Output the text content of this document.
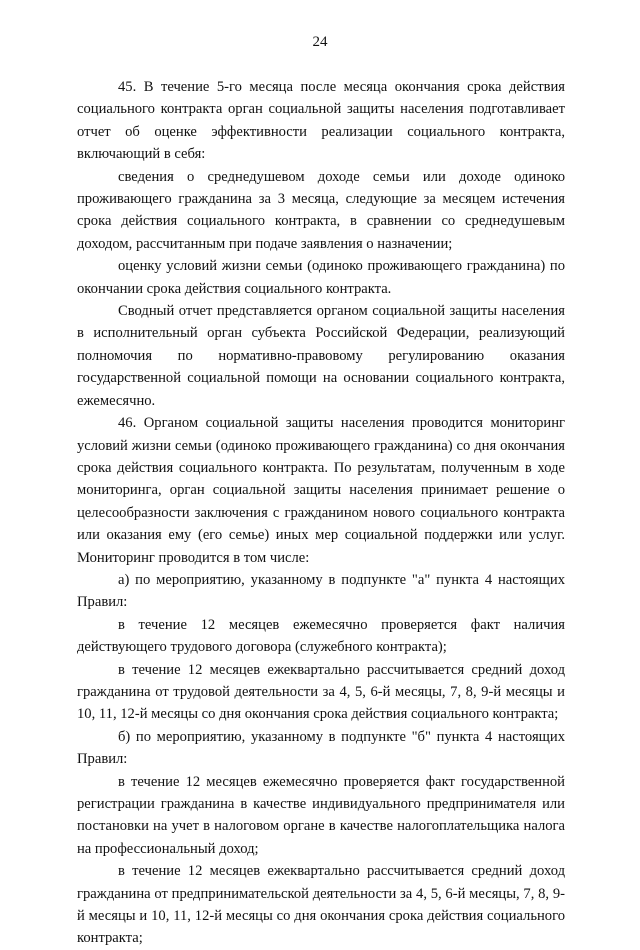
24

45. В течение 5-го месяца после месяца окончания срока действия социального контракта орган социальной защиты населения подготавливает отчет об оценке эффективности реализации социального контракта, включающий в себя:

сведения о среднедушевом доходе семьи или доходе одиноко проживающего гражданина за 3 месяца, следующие за месяцем истечения срока действия социального контракта, в сравнении со среднедушевым доходом, рассчитанным при подаче заявления о назначении;

оценку условий жизни семьи (одиноко проживающего гражданина) по окончании срока действия социального контракта.

Сводный отчет представляется органом социальной защиты населения в исполнительный орган субъекта Российской Федерации, реализующий полномочия по нормативно-правовому регулированию оказания государственной социальной помощи на основании социального контракта, ежемесячно.

46. Органом социальной защиты населения проводится мониторинг условий жизни семьи (одиноко проживающего гражданина) со дня окончания срока действия социального контракта. По результатам, полученным в ходе мониторинга, орган социальной защиты населения принимает решение о целесообразности заключения с гражданином нового социального контракта или оказания ему (его семье) иных мер социальной поддержки или услуг. Мониторинг проводится в том числе:

а) по мероприятию, указанному в подпункте "а" пункта 4 настоящих Правил:

в течение 12 месяцев ежемесячно проверяется факт наличия действующего трудового договора (служебного контракта);

в течение 12 месяцев ежеквартально рассчитывается средний доход гражданина от трудовой деятельности за 4, 5, 6-й месяцы, 7, 8, 9-й месяцы и 10, 11, 12-й месяцы со дня окончания срока действия социального контракта;

б) по мероприятию, указанному в подпункте "б" пункта 4 настоящих Правил:

в течение 12 месяцев ежемесячно проверяется факт государственной регистрации гражданина в качестве индивидуального предпринимателя или постановки на учет в налоговом органе в качестве налогоплательщика налога на профессиональный доход;

в течение 12 месяцев ежеквартально рассчитывается средний доход гражданина от предпринимательской деятельности за 4, 5, 6-й месяцы, 7, 8, 9-й месяцы и 10, 11, 12-й месяцы со дня окончания срока действия социального контракта;
